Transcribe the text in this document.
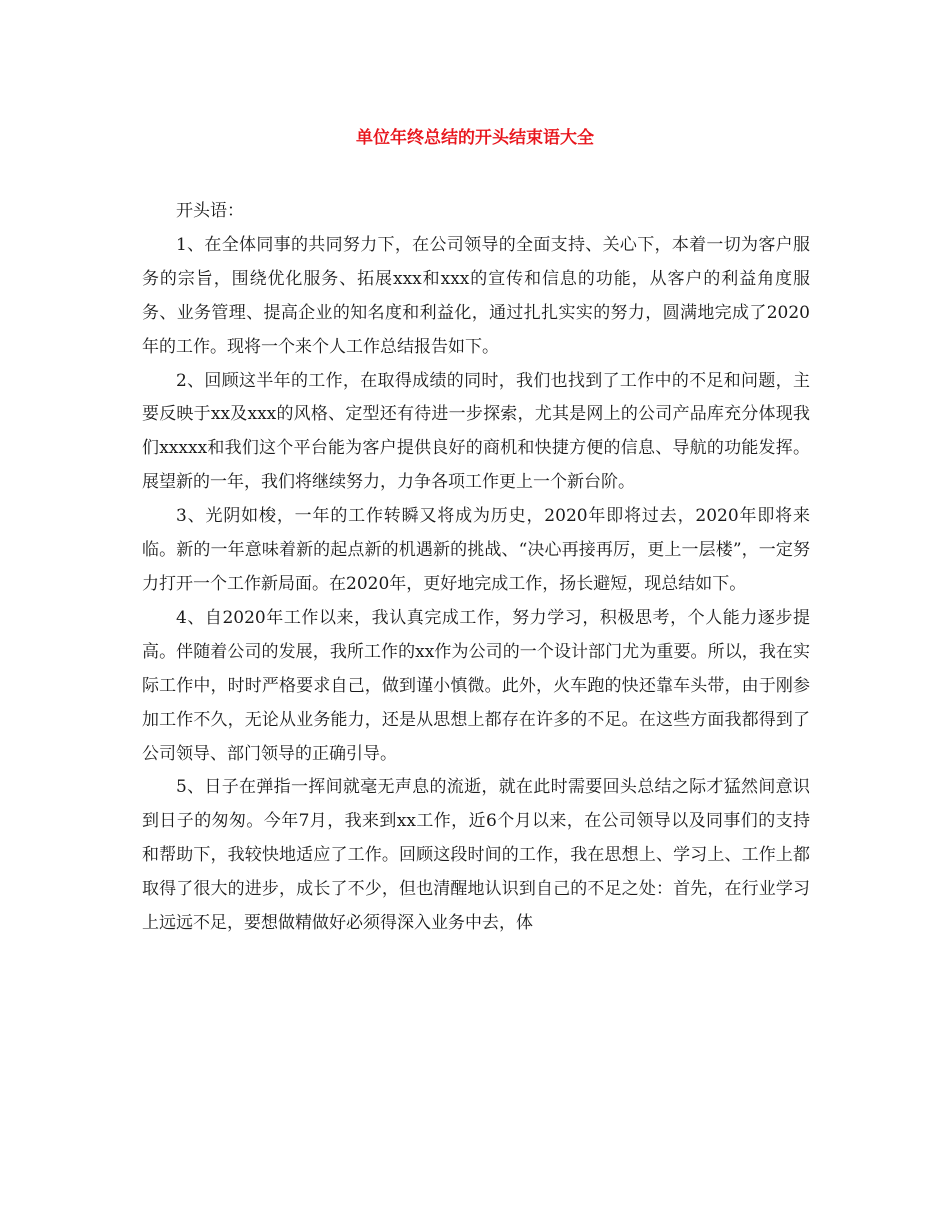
单位年终总结的开头结束语大全

开头语：

1、在全体同事的共同努力下，在公司领导的全面支持、关心下，本着一切为客户服务的宗旨，围绕优化服务、拓展xxx和xxx的宣传和信息的功能，从客户的利益角度服务、业务管理、提高企业的知名度和利益化，通过扎扎实实的努力，圆满地完成了2020年的工作。现将一个来个人工作总结报告如下。

2、回顾这半年的工作，在取得成绩的同时，我们也找到了工作中的不足和问题，主要反映于xx及xxx的风格、定型还有待进一步探索，尤其是网上的公司产品库充分体现我们xxxxx和我们这个平台能为客户提供良好的商机和快捷方便的信息、导航的功能发挥。展望新的一年，我们将继续努力，力争各项工作更上一个新台阶。

3、光阴如梭，一年的工作转瞬又将成为历史，2020年即将过去，2020年即将来临。新的一年意味着新的起点新的机遇新的挑战、“决心再接再厉，更上一层楼”，一定努力打开一个工作新局面。在2020年，更好地完成工作，扬长避短，现总结如下。

4、自2020年工作以来，我认真完成工作，努力学习，积极思考，个人能力逐步提高。伴随着公司的发展，我所工作的xx作为公司的一个设计部门尤为重要。所以，我在实际工作中，时时严格要求自己，做到谨小慎微。此外，火车跑的快还靠车头带，由于刚参加工作不久，无论从业务能力，还是从思想上都存在许多的不足。在这些方面我都得到了公司领导、部门领导的正确引导。

5、日子在弹指一挥间就毫无声息的流逝，就在此时需要回头总结之际才猛然间意识到日子的匆匆。今年7月，我来到xx工作，近6个月以来，在公司领导以及同事们的支持和帮助下，我较快地适应了工作。回顾这段时间的工作，我在思想上、学习上、工作上都取得了很大的进步，成长了不少，但也清醒地认识到自己的不足之处：首先，在行业学习上远远不足，要想做精做好必须得深入业务中去，体
